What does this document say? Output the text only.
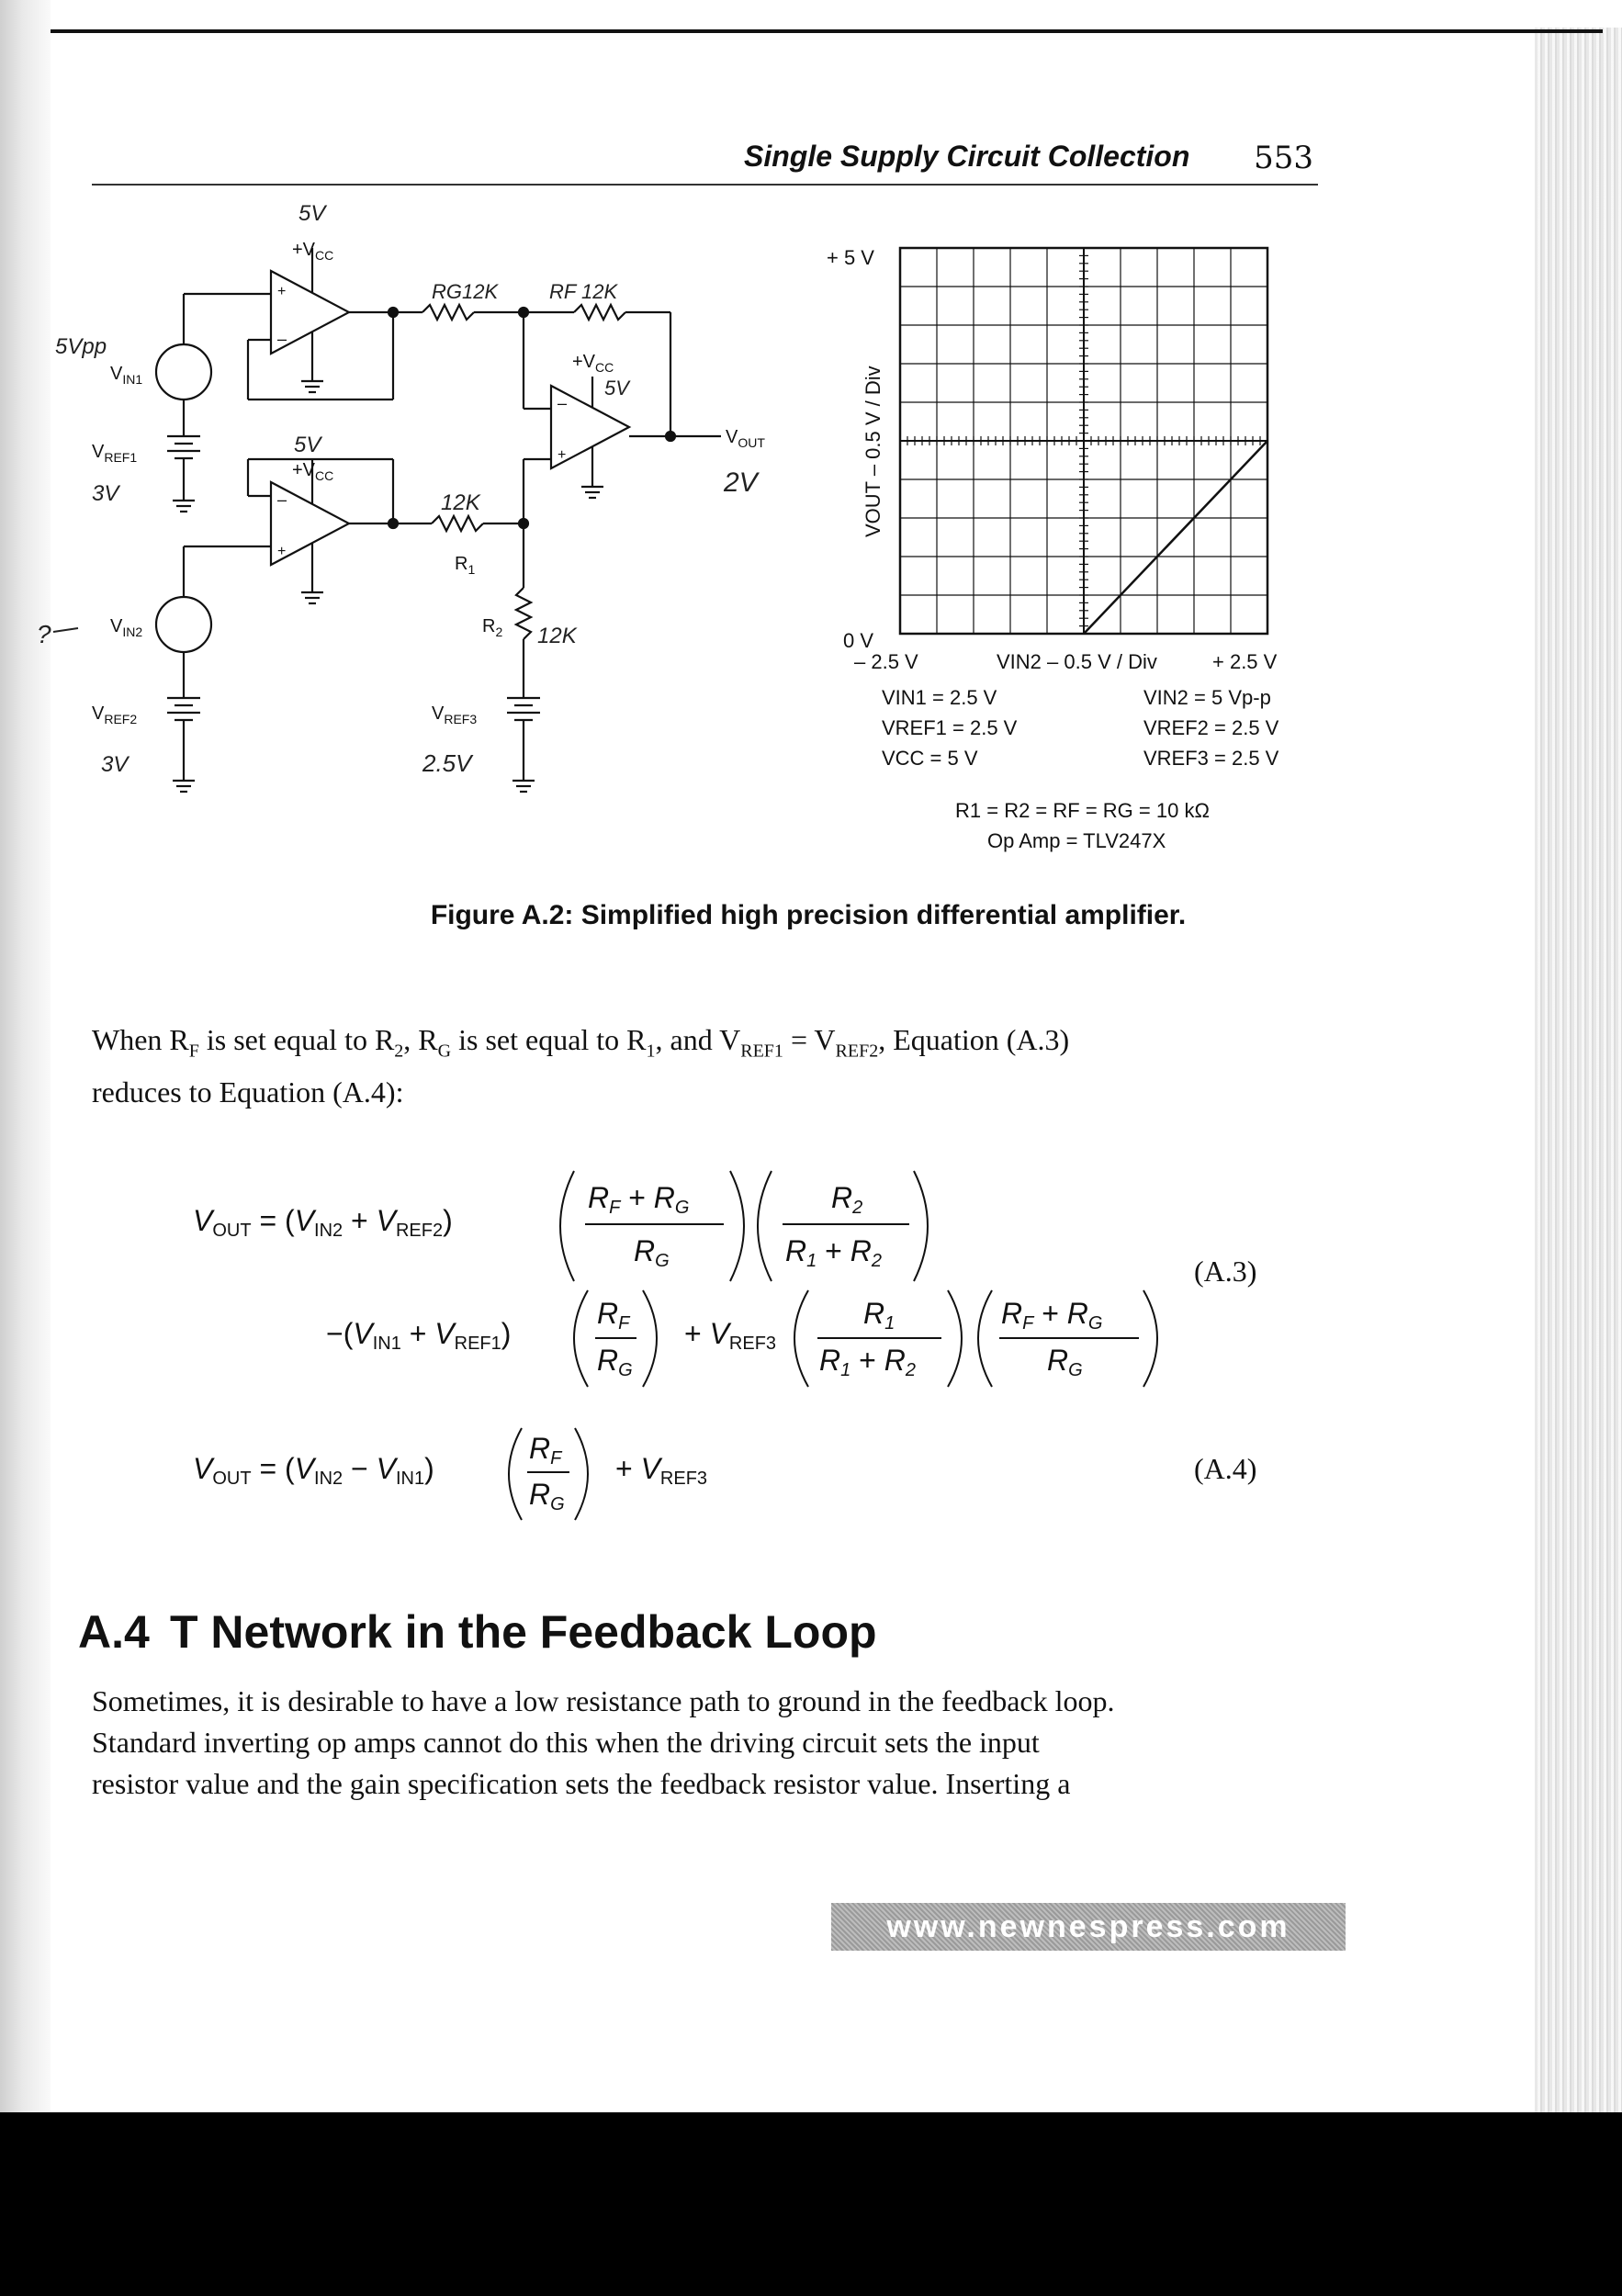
Single Supply Circuit Collection 553
+
–
–
+
–
+
$+V_{CC}$
$+V_{CC}$
$+V_{CC}$
$V_{IN1}$
$V_{IN2}$
$V_{REF1}$
$V_{REF2}$	$V_{REF3}$
$V_{OUT}$
$R_1$
$R_2$
5V
5Vpp
3V
5V
RG12K	RF 12K
5V
2V
12K
12K
3V	2.5V
?
+ 5 V
0 V
VOUT – 0.5 V / Div
– 2.5 V	VIN2 – 0.5 V / Div	+ 2.5 V
VIN1 = 2.5 V	VIN2 = 5 Vp-p
VREF1 = 2.5 V	VREF2 = 2.5 V
VCC = 5 V	VREF3 = 2.5 V
R1 = R2 = RF = RG = 10 kΩ
Op Amp = TLV247X
Figure A.2: Simplified high precision differential amplifier.
When $R_F$ is set equal to $R_2$, $R_G$ is set equal to $R_1$, and $V_{REF1} = V_{REF2}$, Equation (A.3)
reduces to Equation (A.4):
VOUT = (VIN2 + VREF2)
RF + RG
RG
R2
R1 + R2
−(VIN1 + VREF1)
RF
RG
+ VREF3
R1
R1 + R2
RF + RG
RG
(A.3)
VOUT = (VIN2 − VIN1)
RF
RG
+ VREF3	(A.4)
A.4 T Network in the Feedback Loop
Sometimes, it is desirable to have a low resistance path to ground in the feedback loop.
Standard inverting op amps cannot do this when the driving circuit sets the input
resistor value and the gain specification sets the feedback resistor value. Inserting a
www.newnespress.com
